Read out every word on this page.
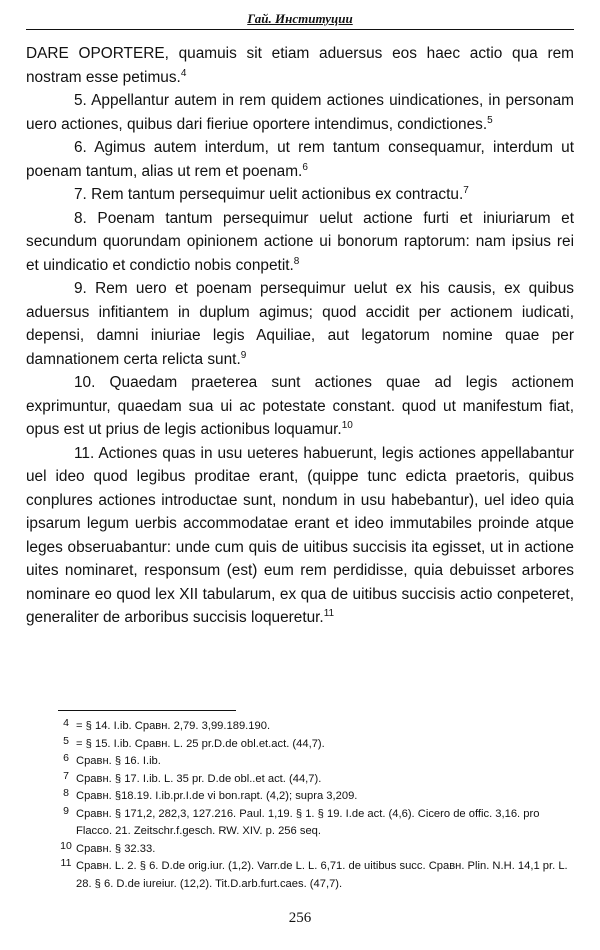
Гай. Институции

DARE OPORTERE, quamuis sit etiam aduersus eos haec actio qua rem nostram esse petimus.$^4$

5. Appellantur autem in rem quidem actiones uindicationes, in personam uero actiones, quibus dari fieriue oportere intendimus, condictiones.$^5$

6. Agimus autem interdum, ut rem tantum consequamur, interdum ut poenam tantum, alias ut rem et poenam.$^6$

7. Rem tantum persequimur uelit actionibus ex contractu.$^7$

8. Poenam tantum persequimur uelut actione furti et iniuriarum et secundum quorundam opinionem actione ui bonorum raptorum: nam ipsius rei et uindicatio et condictio nobis conpetit.$^8$

9. Rem uero et poenam persequimur uelut ex his causis, ex quibus aduersus infitiantem in duplum agimus; quod accidit per actionem iudicati, depensi, damni iniuriae legis Aquiliae, aut legatorum nomine quae per damnationem certa relicta sunt.$^9$

10. Quaedam praeterea sunt actiones quae ad legis actionem exprimuntur, quaedam sua ui ac potestate constant. quod ut manifestum fiat, opus est ut prius de legis actionibus loquamur.$^{10}$

11. Actiones quas in usu ueteres habuerunt, legis actiones appellabantur uel ideo quod legibus proditae erant, (quippe tunc edicta praetoris, quibus conplures actiones introductae sunt, nondum in usu habebantur), uel ideo quia ipsarum legum uerbis accommodatae erant et ideo immutabiles proinde atque leges obseruabantur: unde cum quis de uitibus succisis ita egisset, ut in actione uites nominaret, responsum (est) eum rem perdidisse, quia debuisset arbores nominare eo quod lex XII tabularum, ex qua de uitibus succisis actio conpeteret, generaliter de arboribus succisis loqueretur.$^{11}$

4 = § 14. I.ib. Сравн. 2,79. 3,99.189.190.

5 = § 15. I.ib. Сравн. L. 25 pr.D.de obl.et.act. (44,7).

6 Сравн. § 16. I.ib.

7 Сравн. § 17. I.ib. L. 35 pr. D.de obl..et act. (44,7).

8 Сравн. §18.19. I.ib.pr.I.de vi bon.rapt. (4,2); supra 3,209.

9 Сравн. § 171,2, 282,3, 127.216. Paul. 1,19. § 1. § 19. I.de act. (4,6). Cicero de offic. 3,16. pro Flacco. 21. Zeitschr.f.gesch. RW. XIV. p. 256 seq.

10 Сравн. § 32.33.

11 Сравн. L. 2. § 6. D.de orig.iur. (1,2). Varr.de L. L. 6,71. de uitibus succ. Сравн. Plin. N.H. 14,1 pr. L. 28. § 6. D.de iureiur. (12,2). Tit.D.arb.furt.caes. (47,7).

256
